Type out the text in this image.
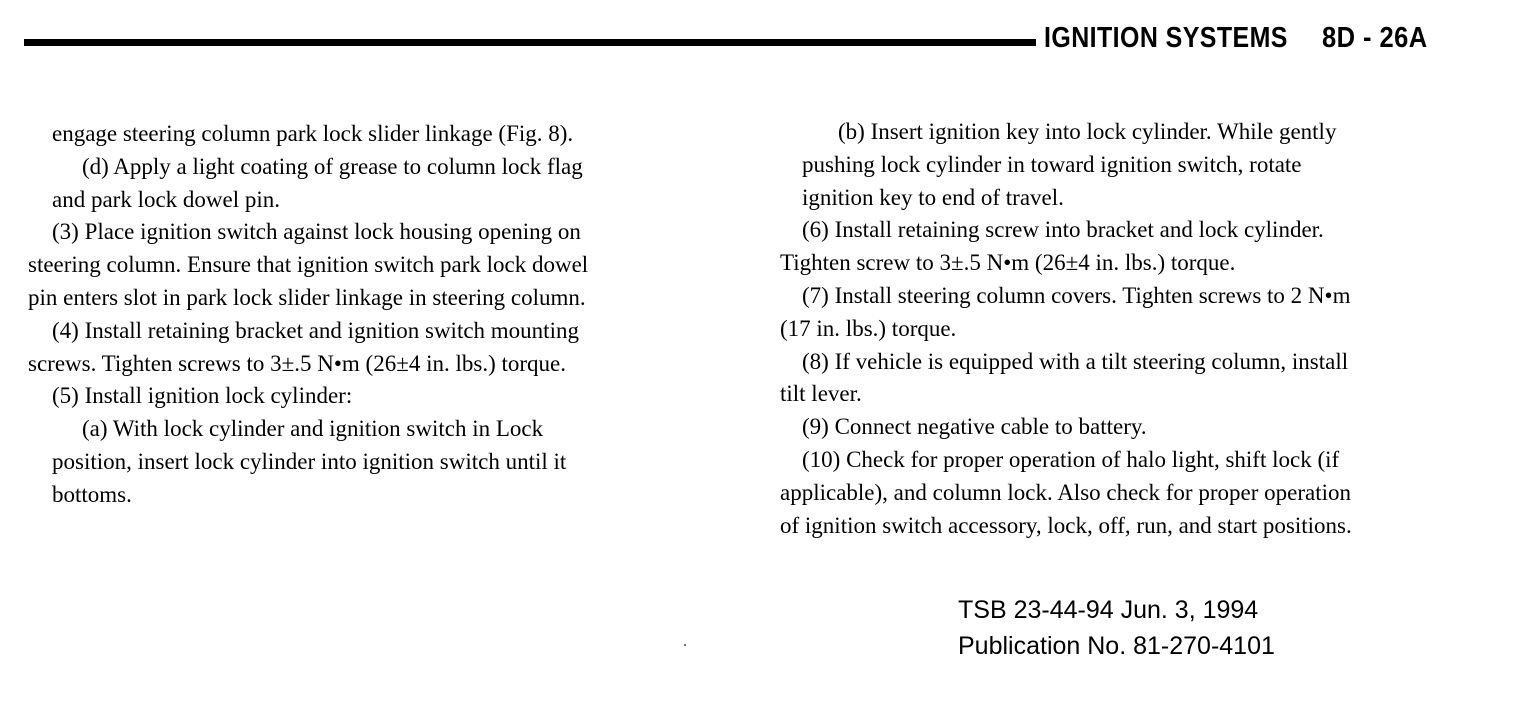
IGNITION SYSTEMS 8D - 26A
engage steering column park lock slider linkage (Fig. 8).
(d) Apply a light coating of grease to column lock flag
and park lock dowel pin.
(3) Place ignition switch against lock housing opening on
steering column. Ensure that ignition switch park lock dowel
pin enters slot in park lock slider linkage in steering column.
(4) Install retaining bracket and ignition switch mounting
screws. Tighten screws to 3±.5 N•m (26±4 in. lbs.) torque.
(5) Install ignition lock cylinder:
(a) With lock cylinder and ignition switch in Lock
position, insert lock cylinder into ignition switch until it
bottoms.
(b) Insert ignition key into lock cylinder. While gently
pushing lock cylinder in toward ignition switch, rotate
ignition key to end of travel.
(6) Install retaining screw into bracket and lock cylinder.
Tighten screw to 3±.5 N•m (26±4 in. lbs.) torque.
(7) Install steering column covers. Tighten screws to 2 N•m
(17 in. lbs.) torque.
(8) If vehicle is equipped with a tilt steering column, install
tilt lever.
(9) Connect negative cable to battery.
(10) Check for proper operation of halo light, shift lock (if
applicable), and column lock. Also check for proper operation
of ignition switch accessory, lock, off, run, and start positions.
TSB 23-44-94 Jun. 3, 1994
Publication No. 81-270-4101
